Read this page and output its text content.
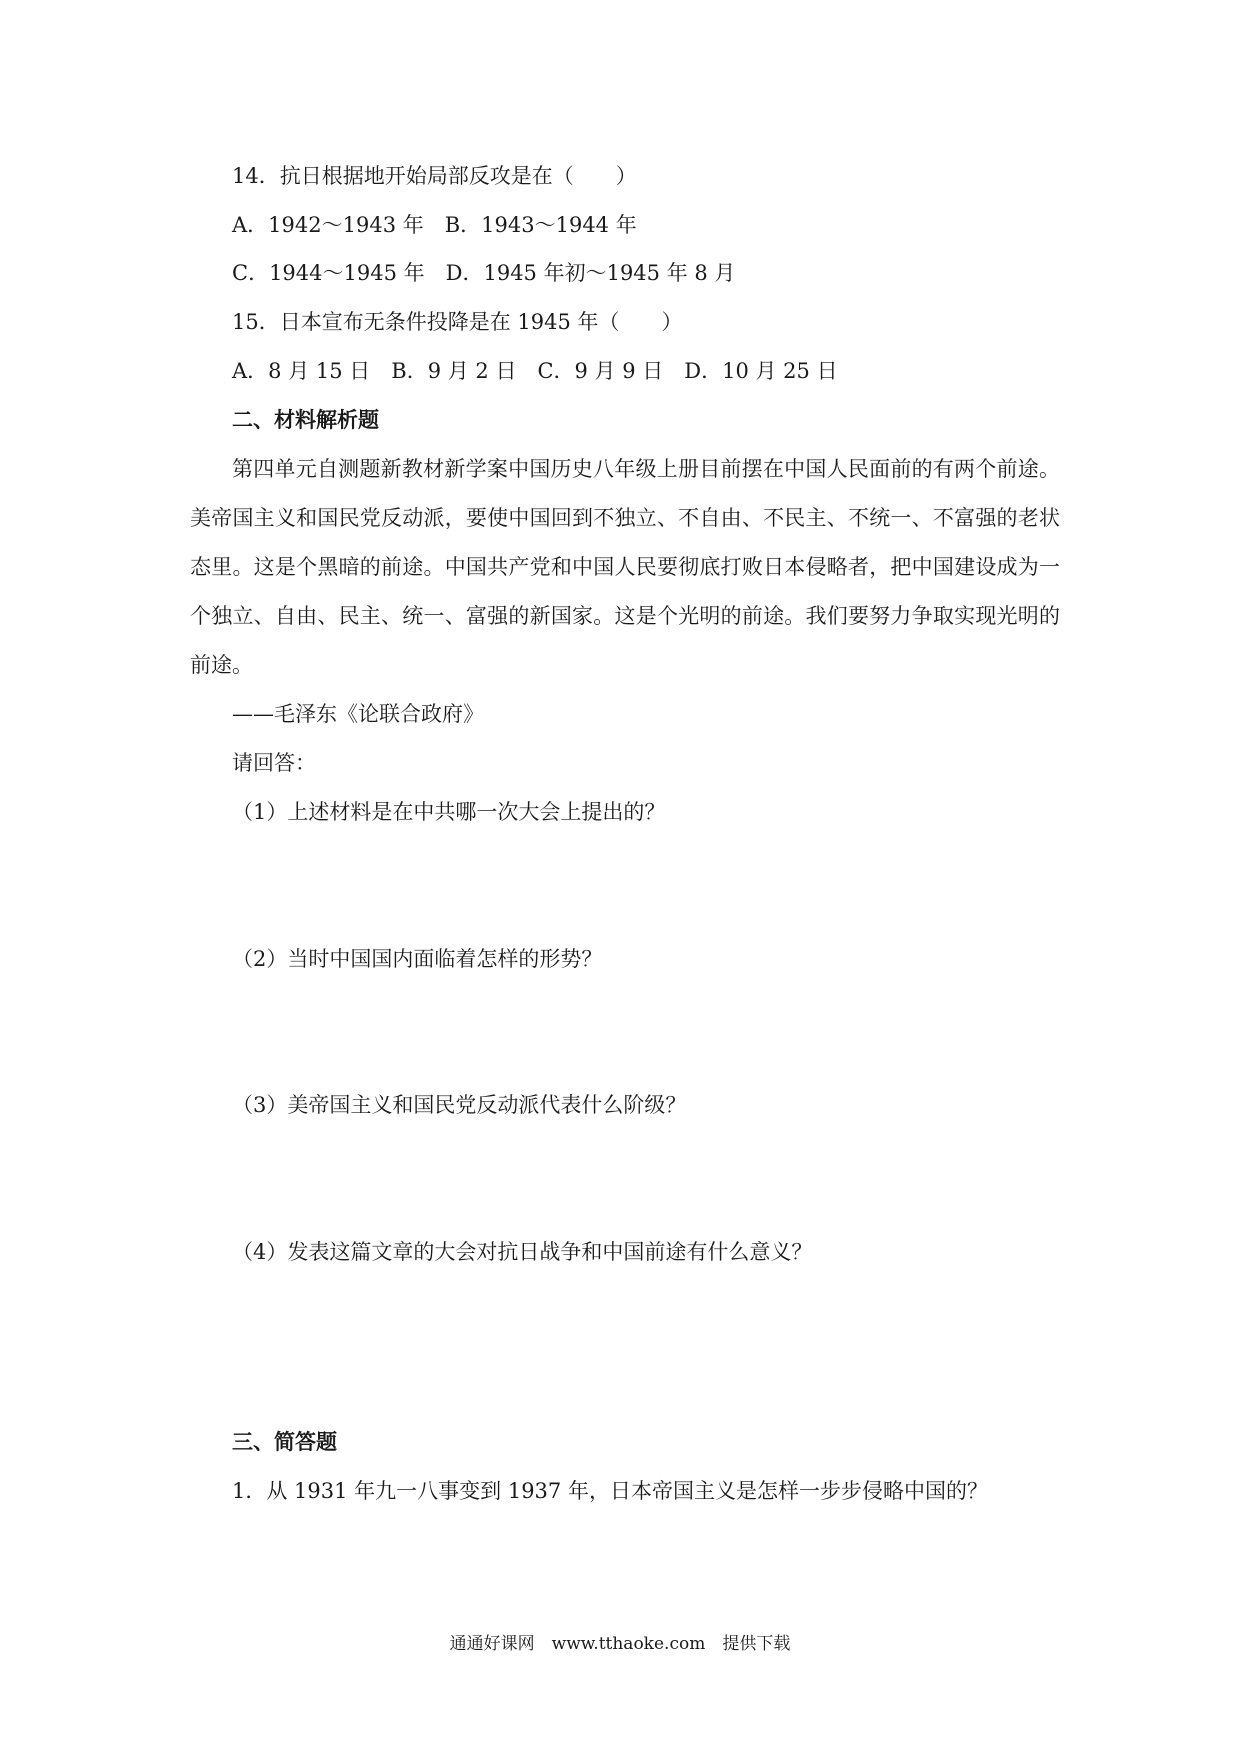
14．抗日根据地开始局部反攻是在（　　）
A．1942～1943 年　B．1943～1944 年
C．1944～1945 年　D．1945 年初～1945 年 8 月
15．日本宣布无条件投降是在 1945 年（　　）
A．8 月 15 日　B．9 月 2 日　C．9 月 9 日　D．10 月 25 日
二、材料解析题
第四单元自测题新教材新学案中国历史八年级上册目前摆在中国人民面前的有两个前途。美帝国主义和国民党反动派，要使中国回到不独立、不自由、不民主、不统一、不富强的老状态里。这是个黑暗的前途。中国共产党和中国人民要彻底打败日本侵略者，把中国建设成为一个独立、自由、民主、统一、富强的新国家。这是个光明的前途。我们要努力争取实现光明的前途。
——毛泽东《论联合政府》
请回答：
（1）上述材料是在中共哪一次大会上提出的？
（2）当时中国国内面临着怎样的形势？
（3）美帝国主义和国民党反动派代表什么阶级？
（4）发表这篇文章的大会对抗日战争和中国前途有什么意义？
三、简答题
1．从 1931 年九一八事变到 1937 年，日本帝国主义是怎样一步步侵略中国的？
通通好课网　www.tthaoke.com　提供下载
